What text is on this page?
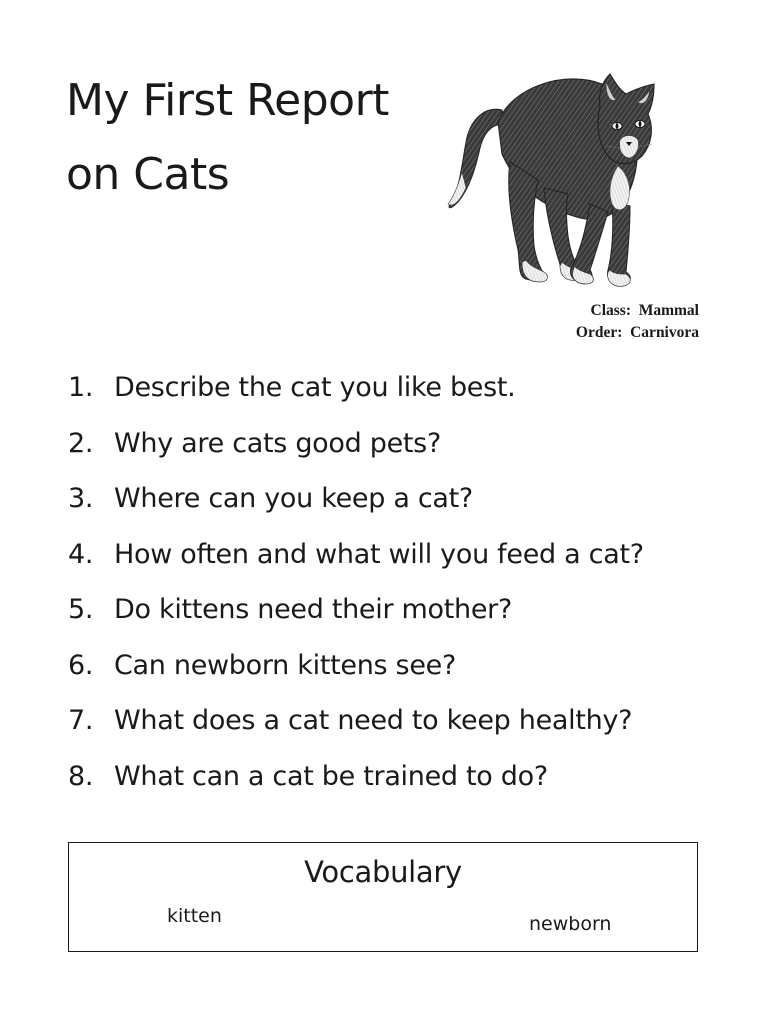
My First Report
on Cats
Class:  Mammal
Order:  Carnivora
1. Describe the cat you like best.
2. Why are cats good pets?
3. Where can you keep a cat?
4. How often and what will you feed a cat?
5. Do kittens need their mother?
6. Can newborn kittens see?
7. What does a cat need to keep healthy?
8. What can a cat be trained to do?
Vocabulary
kitten	newborn
